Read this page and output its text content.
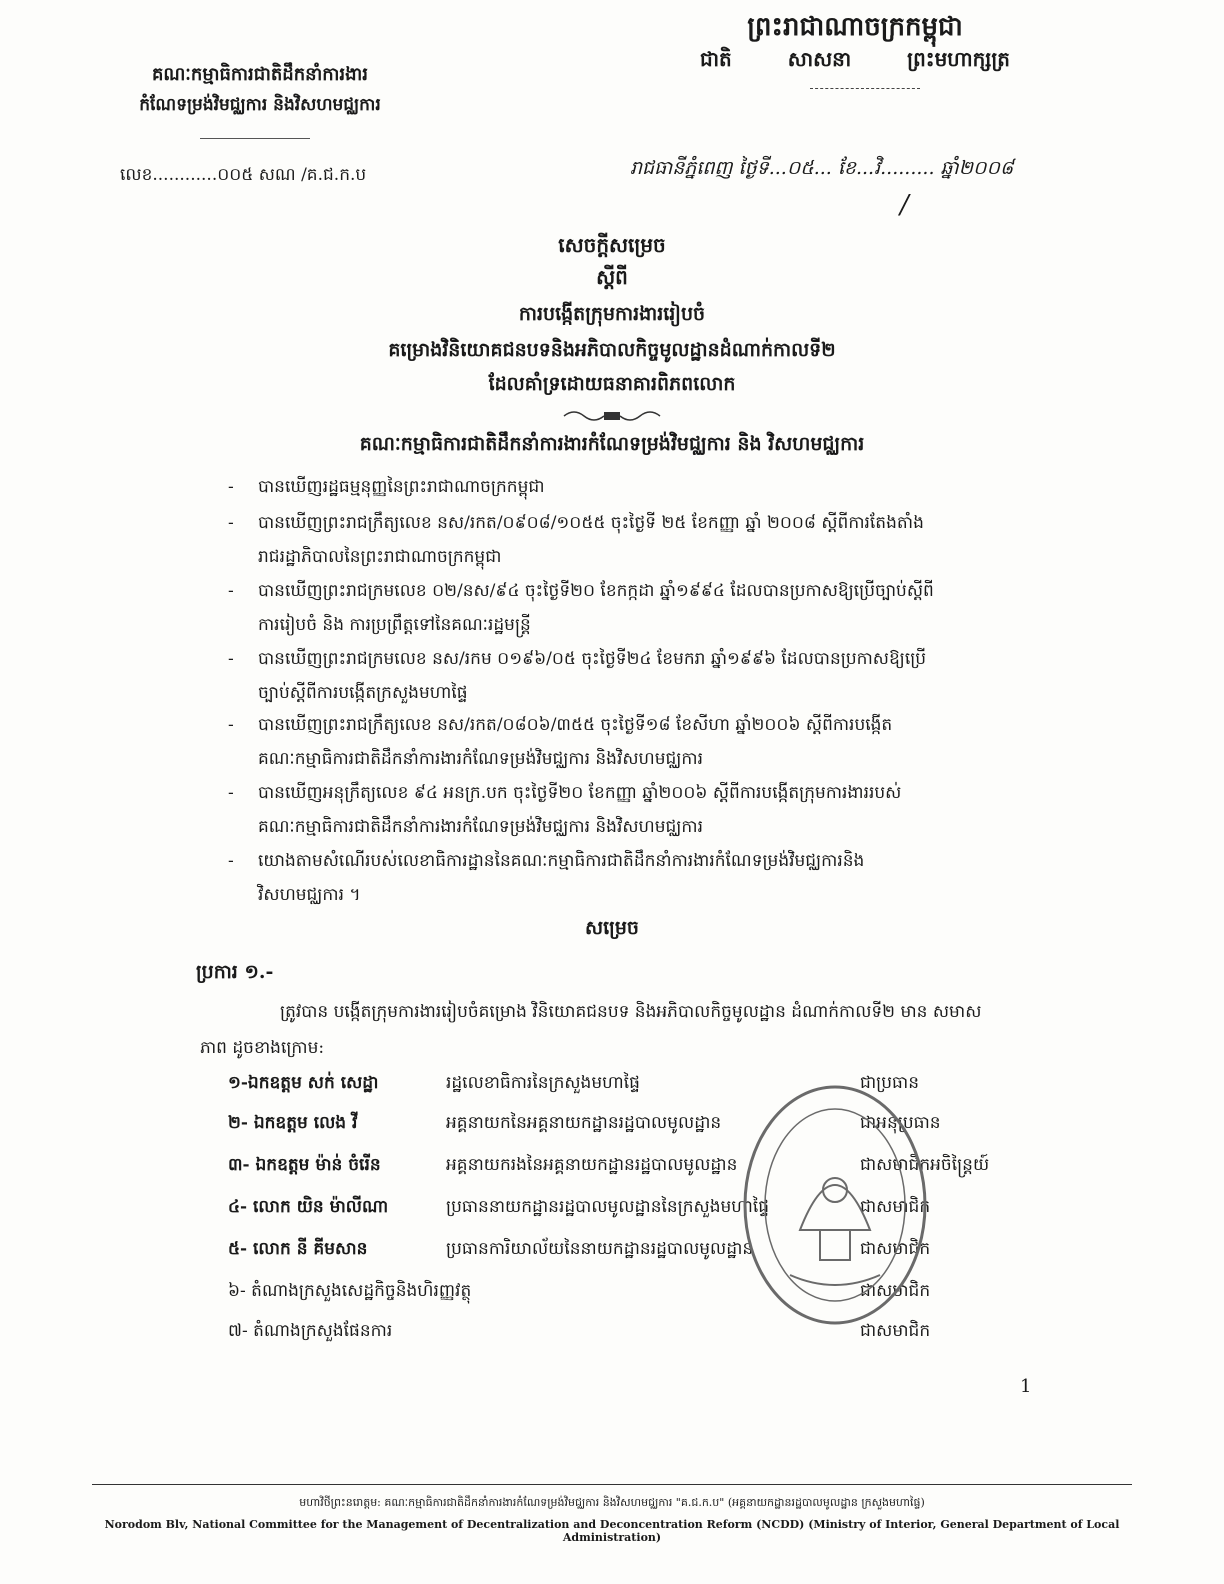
ព្រះរាជាណាចក្រកម្ពុជា
ជាតិ	សាសនា	ព្រះមហាក្សត្រ
គណៈកម្មាធិការជាតិដឹកនាំការងារ
កំណែទម្រង់វិមជ្ឈការ និងវិសហមជ្ឈការ
លេខ............០០៥ សណ /គ.ជ.ក.ប	រាជធានីភ្នំពេញ ថ្ងៃទី...០៥... ខែ...វិ......... ឆ្នាំ២០០៨
/
សេចក្តីសម្រេច
ស្តីពី
ការបង្កើតក្រុមការងាររៀបចំ
គម្រោងវិនិយោគជនបទនិងអភិបាលកិច្ចមូលដ្ឋានដំណាក់កាលទី២
ដែលគាំទ្រដោយធនាគារពិភពលោក
គណៈកម្មាធិការជាតិដឹកនាំការងារកំណែទម្រង់វិមជ្ឈការ និង វិសហមជ្ឈការ
- បានឃើញរដ្ឋធម្មនុញ្ញនៃព្រះរាជាណាចក្រកម្ពុជា
- បានឃើញព្រះរាជក្រឹត្យលេខ នស/រកត/០៩០៨/១០៥៥ ចុះថ្ងៃទី ២៥ ខែកញ្ញា ឆ្នាំ ២០០៨ ស្តីពីការតែងតាំង
រាជរដ្ឋាភិបាលនៃព្រះរាជាណាចក្រកម្ពុជា
- បានឃើញព្រះរាជក្រមលេខ ០២/នស/៩៤ ចុះថ្ងៃទី២០ ខែកក្កដា ឆ្នាំ១៩៩៤ ដែលបានប្រកាសឱ្យប្រើច្បាប់ស្តីពី
ការរៀបចំ និង ការប្រព្រឹត្តទៅនៃគណៈរដ្ឋមន្ត្រី
- បានឃើញព្រះរាជក្រមលេខ នស/រកម ០១៩៦/០៥ ចុះថ្ងៃទី២៤ ខែមករា ឆ្នាំ១៩៩៦ ដែលបានប្រកាសឱ្យប្រើ
ច្បាប់ស្តីពីការបង្កើតក្រសួងមហាផ្ទៃ
- បានឃើញព្រះរាជក្រឹត្យលេខ នស/រកត/០៨០៦/៣៥៥ ចុះថ្ងៃទី១៨ ខែសីហា ឆ្នាំ២០០៦ ស្តីពីការបង្កើត
គណៈកម្មាធិការជាតិដឹកនាំការងារកំណែទម្រង់វិមជ្ឈការ និងវិសហមជ្ឈការ
- បានឃើញអនុក្រឹត្យលេខ ៩៤ អនក្រ.បក ចុះថ្ងៃទី២០ ខែកញ្ញា ឆ្នាំ២០០៦ ស្តីពីការបង្កើតក្រុមការងាររបស់
គណៈកម្មាធិការជាតិដឹកនាំការងារកំណែទម្រង់វិមជ្ឈការ និងវិសហមជ្ឈការ
- យោងតាមសំណើរបស់លេខាធិការដ្ឋាននៃគណៈកម្មាធិការជាតិដឹកនាំការងារកំណែទម្រង់វិមជ្ឈការនិង
វិសហមជ្ឈការ ។
សម្រេច
ប្រការ ១.-
ត្រូវបាន បង្កើតក្រុមការងាររៀបចំគម្រោង វិនិយោគជនបទ និងអភិបាលកិច្ចមូលដ្ឋាន ដំណាក់កាលទី២ មាន សមាសភាព ដូចខាងក្រោម:
១-ឯកឧត្តម សក់ សេដ្ឋា	រដ្ឋលេខាធិការនៃក្រសួងមហាផ្ទៃ	ជាប្រធាន
២- ឯកឧត្តម លេង វី	អគ្គនាយកនៃអគ្គនាយកដ្ឋានរដ្ឋបាលមូលដ្ឋាន	ជាអនុប្រធាន
៣- ឯកឧត្តម ម៉ាន់ ចំរើន	អគ្គនាយករងនៃអគ្គនាយកដ្ឋានរដ្ឋបាលមូលដ្ឋាន	ជាសមាជិកអចិន្ត្រៃយ៍
៤- លោក យិន ម៉ាលីណា	ប្រធាននាយកដ្ឋានរដ្ឋបាលមូលដ្ឋាននៃក្រសួងមហាផ្ទៃ	ជាសមាជិក
៥- លោក នី គីមសាន	ប្រធានការិយាល័យនៃនាយកដ្ឋានរដ្ឋបាលមូលដ្ឋាន	ជាសមាជិក
៦- តំណាងក្រសួងសេដ្ឋកិច្ចនិងហិរញ្ញវត្ថុ	ជាសមាជិក
៧- តំណាងក្រសួងផែនការ	ជាសមាជិក
1
មហាវិថីព្រះនរោត្តម: គណៈកម្មាធិការជាតិដឹកនាំការងារកំណែទម្រង់វិមជ្ឈការ និងវិសហមជ្ឈការ "គ.ជ.ក.ប" (អគ្គនាយកដ្ឋានរដ្ឋបាលមូលដ្ឋាន ក្រសួងមហាផ្ទៃ)
Norodom Blv, National Committee for the Management of Decentralization and Deconcentration Reform (NCDD) (Ministry of Interior, General Department of Local Administration)
